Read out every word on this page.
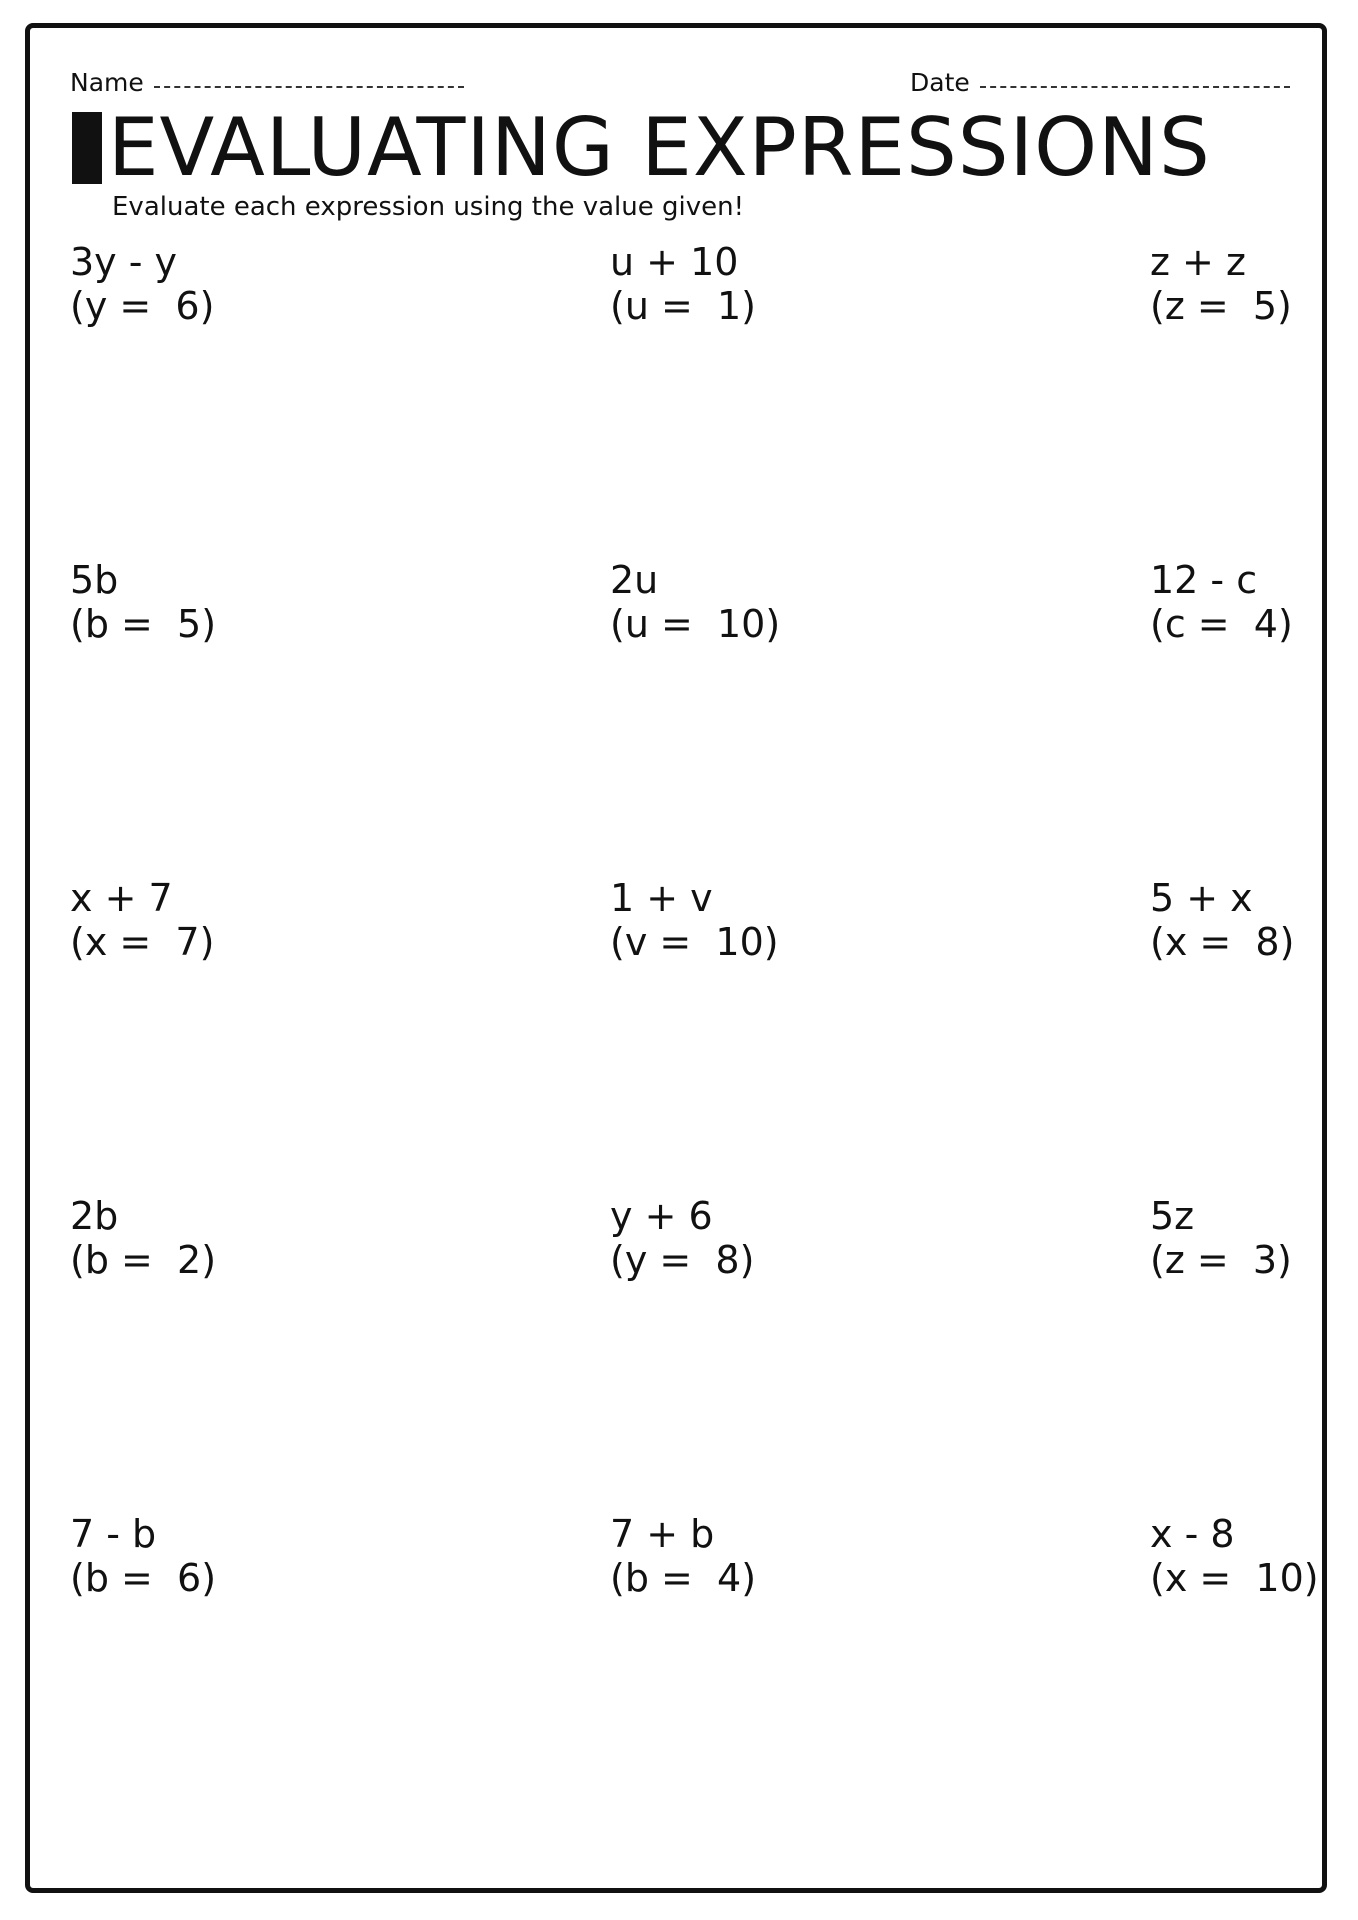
Name	Date
EVALUATING EXPRESSIONS
Evaluate each expression using the value given!
3y - y
(y =  6)
u + 10
(u =  1)
z + z
(z =  5)
5b
(b =  5)
2u
(u =  10)
12 - c
(c =  4)
x + 7
(x =  7)
1 + v
(v =  10)
5 + x
(x =  8)
2b
(b =  2)
y + 6
(y =  8)
5z
(z =  3)
7 - b
(b =  6)
7 + b
(b =  4)
x - 8
(x =  10)
